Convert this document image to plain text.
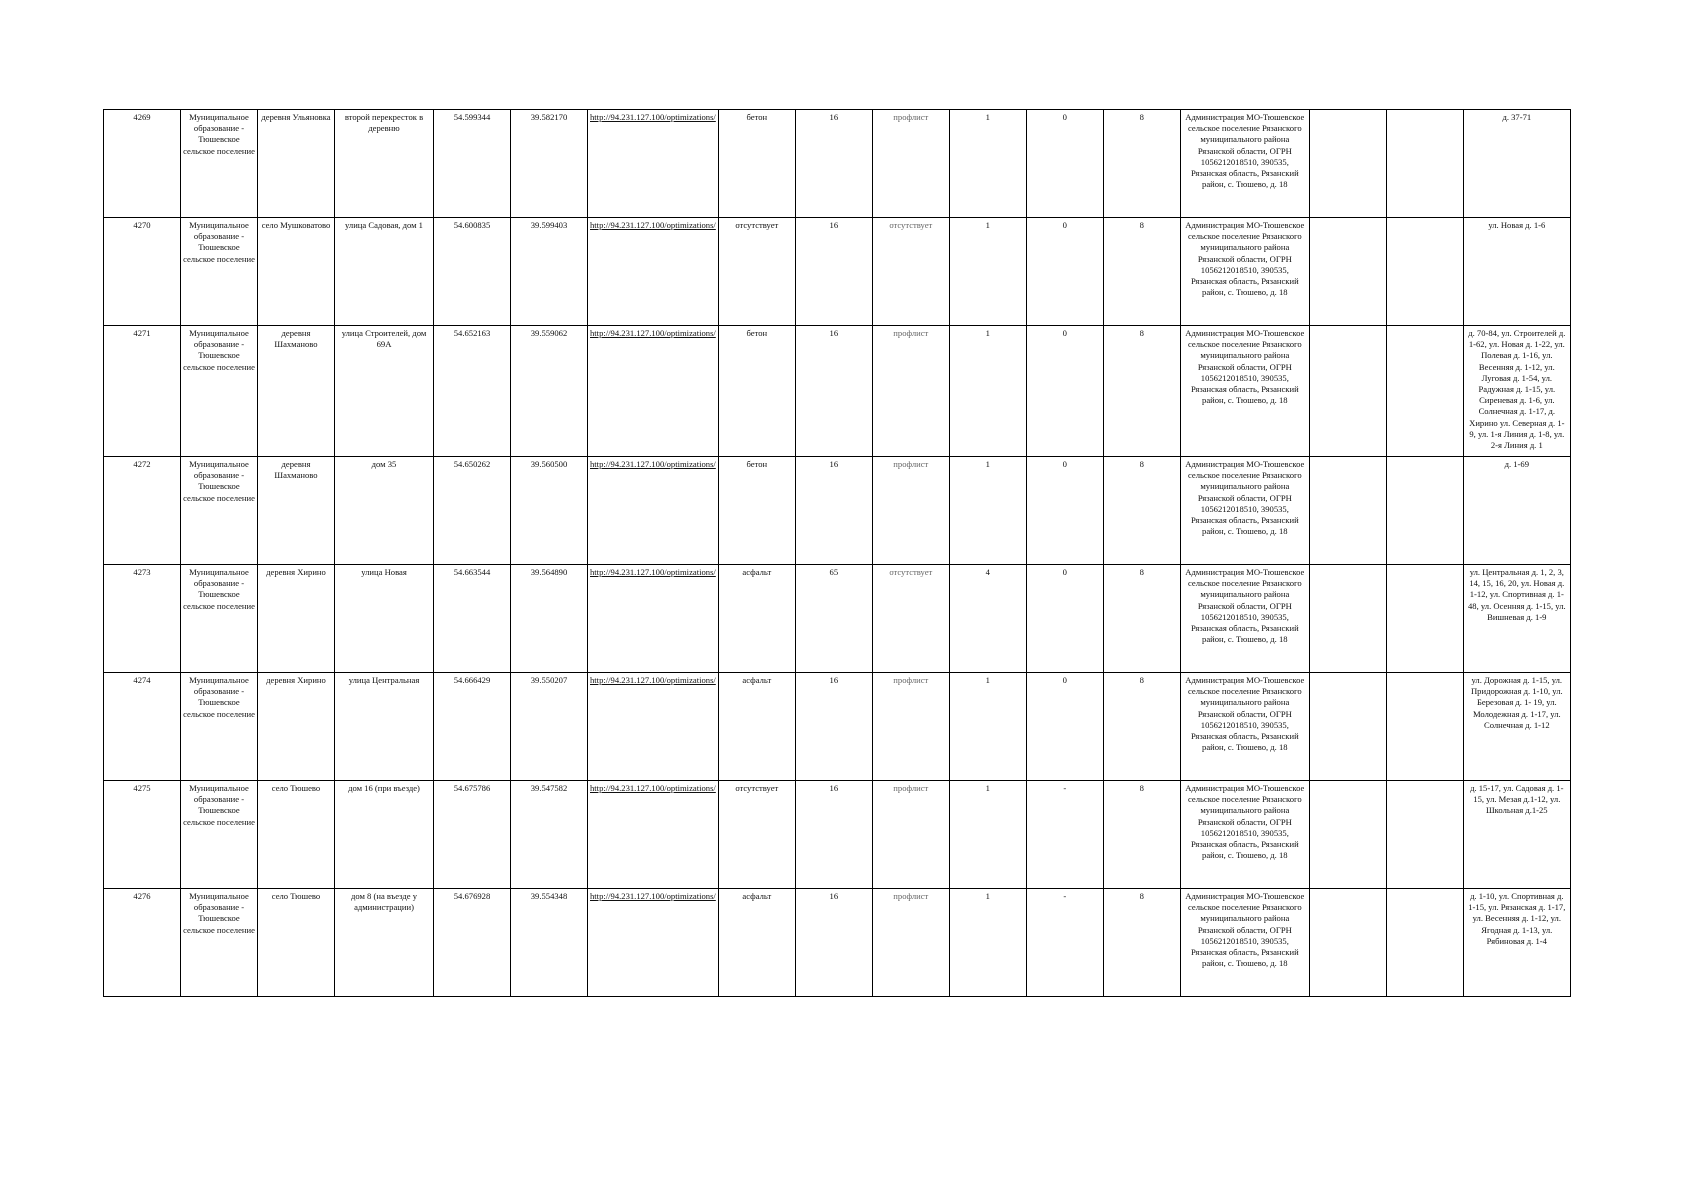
4269	Муниципальное образование - Тюшевское сельское поселение	деревня Ульяновка	второй перекресток в деревню	54.599344	39.582170	http://94.231.127.100/optimizations/	бетон	16	профлист	1	0	8	Администрация МО-Тюшевское сельское поселение Рязанского муниципального района Рязанской области, ОГРН 1056212018510, 390535, Рязанская область, Рязанский район, с. Тюшево, д. 18			д. 37-71
4270	Муниципальное образование - Тюшевское сельское поселение	село Мушковатово	улица Садовая, дом 1	54.600835	39.599403	http://94.231.127.100/optimizations/	отсутствует	16	отсутствует	1	0	8	Администрация МО-Тюшевское сельское поселение Рязанского муниципального района Рязанской области, ОГРН 1056212018510, 390535, Рязанская область, Рязанский район, с. Тюшево, д. 18			ул. Новая д. 1-6
4271	Муниципальное образование - Тюшевское сельское поселение	деревня Шахманово	улица Строителей, дом 69А	54.652163	39.559062	http://94.231.127.100/optimizations/	бетон	16	профлист	1	0	8	Администрация МО-Тюшевское сельское поселение Рязанского муниципального района Рязанской области, ОГРН 1056212018510, 390535, Рязанская область, Рязанский район, с. Тюшево, д. 18			д. 70-84, ул. Строителей д. 1-62, ул. Новая д. 1-22, ул. Полевая д. 1-16, ул. Весенняя д. 1-12, ул. Луговая д. 1-54, ул. Радужная д. 1-15, ул. Сиреневая д. 1-6, ул. Солнечная д. 1-17, д. Хирино ул. Северная д. 1- 9, ул. 1-я Линия д. 1-8, ул. 2-я Линия д. 1
4272	Муниципальное образование - Тюшевское сельское поселение	деревня Шахманово	дом 35	54.650262	39.560500	http://94.231.127.100/optimizations/	бетон	16	профлист	1	0	8	Администрация МО-Тюшевское сельское поселение Рязанского муниципального района Рязанской области, ОГРН 1056212018510, 390535, Рязанская область, Рязанский район, с. Тюшево, д. 18			д. 1-69
4273	Муниципальное образование - Тюшевское сельское поселение	деревня Хирино	улица Новая	54.663544	39.564890	http://94.231.127.100/optimizations/	асфальт	65	отсутствует	4	0	8	Администрация МО-Тюшевское сельское поселение Рязанского муниципального района Рязанской области, ОГРН 1056212018510, 390535, Рязанская область, Рязанский район, с. Тюшево, д. 18			ул. Центральная д. 1, 2, 3, 14, 15, 16, 20, ул. Новая д. 1-12, ул. Спортивная д. 1-48, ул. Осенняя д. 1-15, ул. Вишневая д. 1-9
4274	Муниципальное образование - Тюшевское сельское поселение	деревня Хирино	улица Центральная	54.666429	39.550207	http://94.231.127.100/optimizations/	асфальт	16	профлист	1	0	8	Администрация МО-Тюшевское сельское поселение Рязанского муниципального района Рязанской области, ОГРН 1056212018510, 390535, Рязанская область, Рязанский район, с. Тюшево, д. 18			ул. Дорожная д. 1-15, ул. Придорожная д. 1-10, ул. Березовая д. 1- 19, ул. Молодежная д. 1-17, ул. Солнечная д. 1-12
4275	Муниципальное образование - Тюшевское сельское поселение	село Тюшево	дом 16 (при въезде)	54.675786	39.547582	http://94.231.127.100/optimizations/	отсутствует	16	профлист	1	-	8	Администрация МО-Тюшевское сельское поселение Рязанского муниципального района Рязанской области, ОГРН 1056212018510, 390535, Рязанская область, Рязанский район, с. Тюшево, д. 18			д. 15-17, ул. Садовая д. 1-15, ул. Мезая д.1-12, ул. Школьная д.1-25
4276	Муниципальное образование - Тюшевское сельское поселение	село Тюшево	дом 8 (на въезде у администрации)	54.676928	39.554348	http://94.231.127.100/optimizations/	асфальт	16	профлист	1	-	8	Администрация МО-Тюшевское сельское поселение Рязанского муниципального района Рязанской области, ОГРН 1056212018510, 390535, Рязанская область, Рязанский район, с. Тюшево, д. 18			д. 1-10, ул. Спортивная д. 1-15, ул. Рязанская д. 1-17, ул. Весенняя д. 1-12, ул. Ягодная д. 1-13, ул. Рябиновая д. 1-4
